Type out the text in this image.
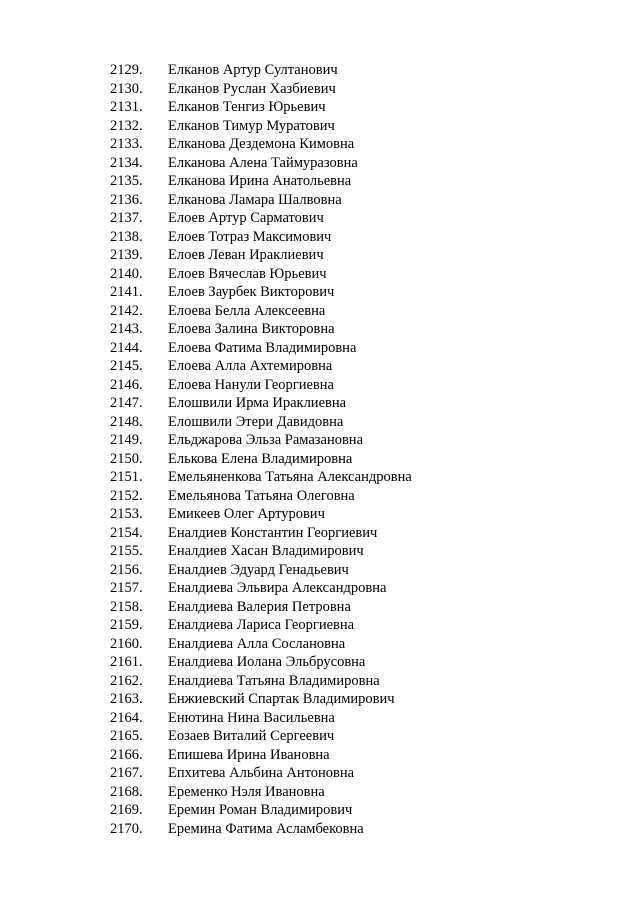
2129.	Елканов Артур Султанович
2130.	Елканов Руслан Хазбиевич
2131.	Елканов Тенгиз Юрьевич
2132.	Елканов Тимур Муратович
2133.	Елканова Дездемона Кимовна
2134.	Елканова Алена Таймуразовна
2135.	Елканова Ирина Анатольевна
2136.	Елканова Ламара Шалвовна
2137.	Елоев Артур Сарматович
2138.	Елоев Тотраз Максимович
2139.	Елоев Леван Ираклиевич
2140.	Елоев Вячеслав Юрьевич
2141.	Елоев Заурбек Викторович
2142.	Елоева Белла Алексеевна
2143.	Елоева Залина Викторовна
2144.	Елоева Фатима Владимировна
2145.	Елоева Алла Ахтемировна
2146.	Елоева Нанули Георгиевна
2147.	Елошвили Ирма Ираклиевна
2148.	Елошвили Этери Давидовна
2149.	Ельджарова Эльза Рамазановна
2150.	Елькова Елена Владимировна
2151.	Емельяненкова Татьяна Александровна
2152.	Емельянова Татьяна Олеговна
2153.	Емикеев Олег Артурович
2154.	Еналдиев Константин Георгиевич
2155.	Еналдиев Хасан Владимирович
2156.	Еналдиев Эдуард Генадьевич
2157.	Еналдиева Эльвира Александровна
2158.	Еналдиева Валерия Петровна
2159.	Еналдиева Лариса Георгиевна
2160.	Еналдиева Алла Сослановна
2161.	Еналдиева Иолана Эльбрусовна
2162.	Еналдиева Татьяна Владимировна
2163.	Енжиевский Спартак Владимирович
2164.	Енютина Нина Васильевна
2165.	Еозаев Виталий Сергеевич
2166.	Епишева Ирина Ивановна
2167.	Епхитева Альбина Антоновна
2168.	Еременко Нэля Ивановна
2169.	Еремин Роман Владимирович
2170.	Еремина Фатима Асламбековна
